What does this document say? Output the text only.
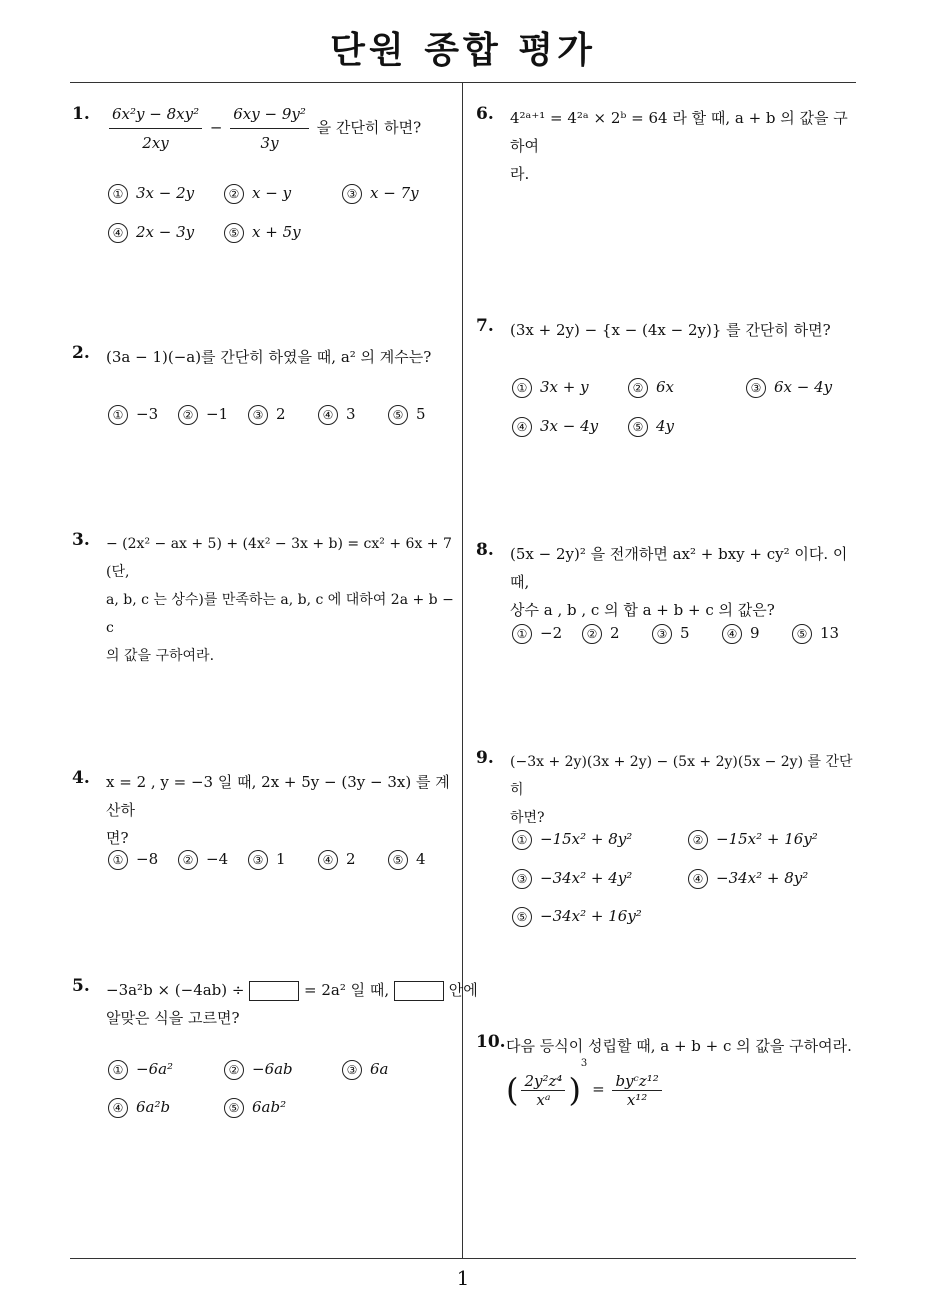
단원 종합 평가
1
1. $\frac{\text{6x²y − 8xy²}}{2xy} - \frac{\text{6xy − 9y²}}{3y}$ 을 간단히 하면?
① 3x − 2y	② x − y	③ x − 7y
④ 2x − 3y	⑤ x + 5y
2. (3a − 1)(−a)를 간단히 하였을 때, a² 의 계수는?
① −3	② −1	③ 2	④ 3	⑤ 5
3. − (2x² − ax + 5) + (4x² − 3x + b) = cx² + 6x + 7 (단,
a, b, c 는 상수)를 만족하는 a, b, c 에 대하여 2a + b − c
의 값을 구하여라.
4. x = 2 , y = −3 일 때, 2x + 5y − (3y − 3x) 를 계산하
면?
① −8	② −4	③ 1	④ 2	⑤ 4
5. −3a²b × (−4ab) ÷	= 2a² 일 때,	안에
알맞은 식을 고르면?
① −6a²	② −6ab	③ 6a
④ 6a²b	⑤ 6ab²
6. 4²ᵃ⁺¹ = 4²ᵃ × 2ᵇ = 64 라 할 때, a + b 의 값을 구하여
라.
7. (3x + 2y) − {x − (4x − 2y)} 를 간단히 하면?
① 3x + y	② 6x	③ 6x − 4y
④ 3x − 4y	⑤ 4y
8. (5x − 2y)² 을 전개하면 ax² + bxy + cy² 이다. 이때,
상수 a , b , c 의 합 a + b + c 의 값은?
① −2	② 2	③ 5	④ 9	⑤ 13
9. (−3x + 2y)(3x + 2y) − (5x + 2y)(5x − 2y) 를 간단히
하면?
① −15x² + 8y²	② −15x² + 16y²
③ −34x² + 4y²	④ −34x² + 8y²
⑤ −34x² + 16y²
10. 다음 등식이 성립할 때, a + b + c 의 값을 구하여라.
( $\frac{\text{2y²z⁴}}{\text{xᵃ}} )^3 = \frac{\text{byᶜz¹²}}{\text{x¹²}}$
